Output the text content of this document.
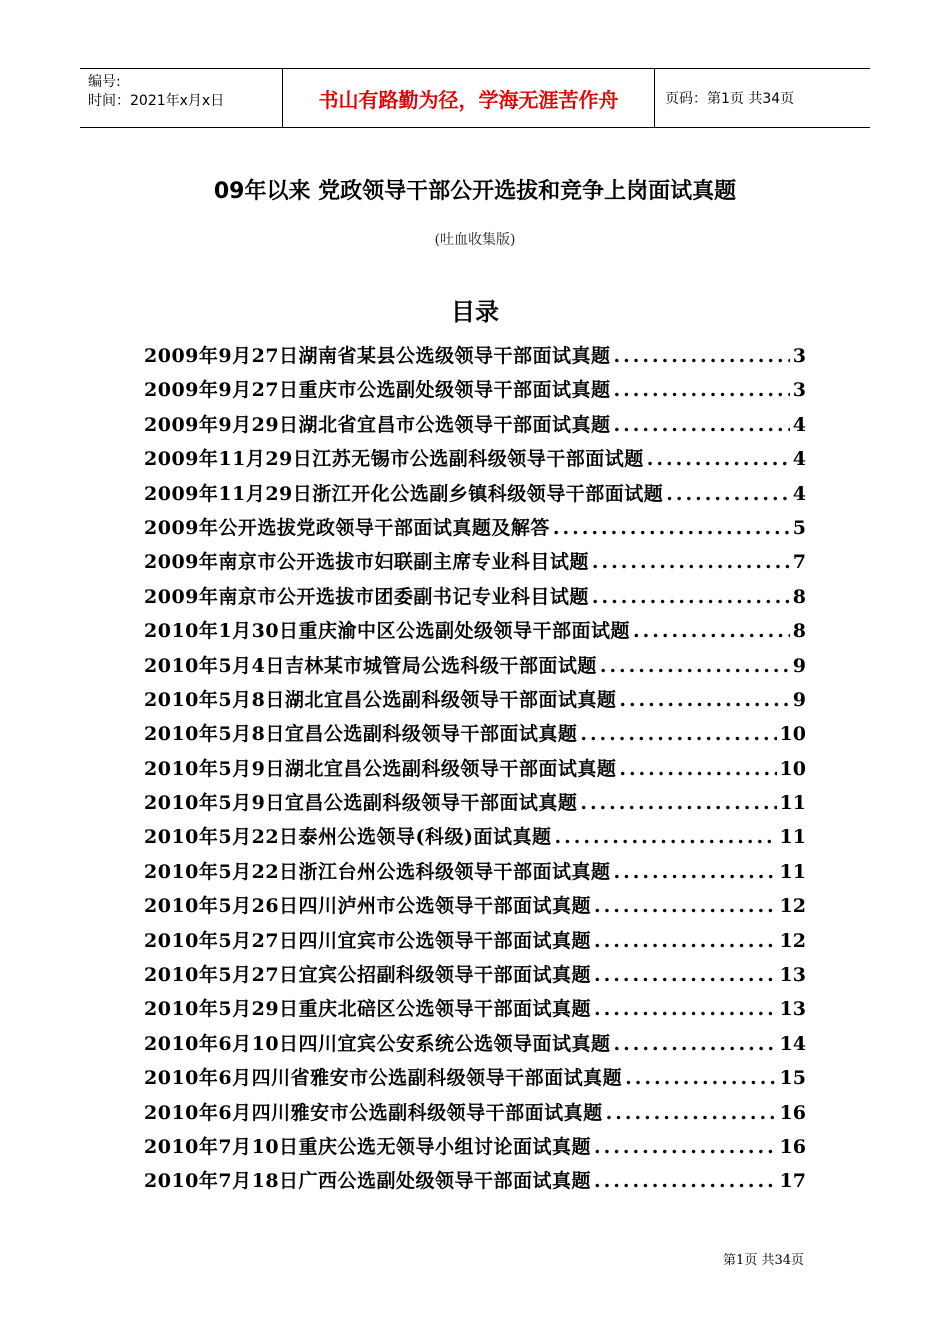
编号:
时间：2021年x月x日	书山有路勤为径，学海无涯苦作舟	页码：第1页 共34页
09年以来 党政领导干部公开选拔和竞争上岗面试真题
(吐血收集版)
目录
2009年9月27日湖南省某县公选级领导干部面试真题 .....	3
2009年9月27日重庆市公选副处级领导干部面试真题 .....	3
2009年9月29日湖北省宜昌市公选领导干部面试真题 .....	4
2009年11月29日江苏无锡市公选副科级领导干部面试题 .....	4
2009年11月29日浙江开化公选副乡镇科级领导干部面试题 .....	4
2009年公开选拔党政领导干部面试真题及解答 .....	5
2009年南京市公开选拔市妇联副主席专业科目试题 .....	7
2009年南京市公开选拔市团委副书记专业科目试题 .....	8
2010年1月30日重庆渝中区公选副处级领导干部面试题 .....	8
2010年5月4日吉林某市城管局公选科级干部面试题 .....	9
2010年5月8日湖北宜昌公选副科级领导干部面试真题 .....	9
2010年5月8日宜昌公选副科级领导干部面试真题 .....	10
2010年5月9日湖北宜昌公选副科级领导干部面试真题 .....	10
2010年5月9日宜昌公选副科级领导干部面试真题 .....	11
2010年5月22日泰州公选领导(科级)面试真题 .....	11
2010年5月22日浙江台州公选科级领导干部面试真题 .....	11
2010年5月26日四川泸州市公选领导干部面试真题 .....	12
2010年5月27日四川宜宾市公选领导干部面试真题 .....	12
2010年5月27日宜宾公招副科级领导干部面试真题 .....	13
2010年5月29日重庆北碚区公选领导干部面试真题 .....	13
2010年6月10日四川宜宾公安系统公选领导面试真题 .....	14
2010年6月四川省雅安市公选副科级领导干部面试真题 .....	15
2010年6月四川雅安市公选副科级领导干部面试真题 .....	16
2010年7月10日重庆公选无领导小组讨论面试真题 .....	16
2010年7月18日广西公选副处级领导干部面试真题 .....	17
第1页 共34页
